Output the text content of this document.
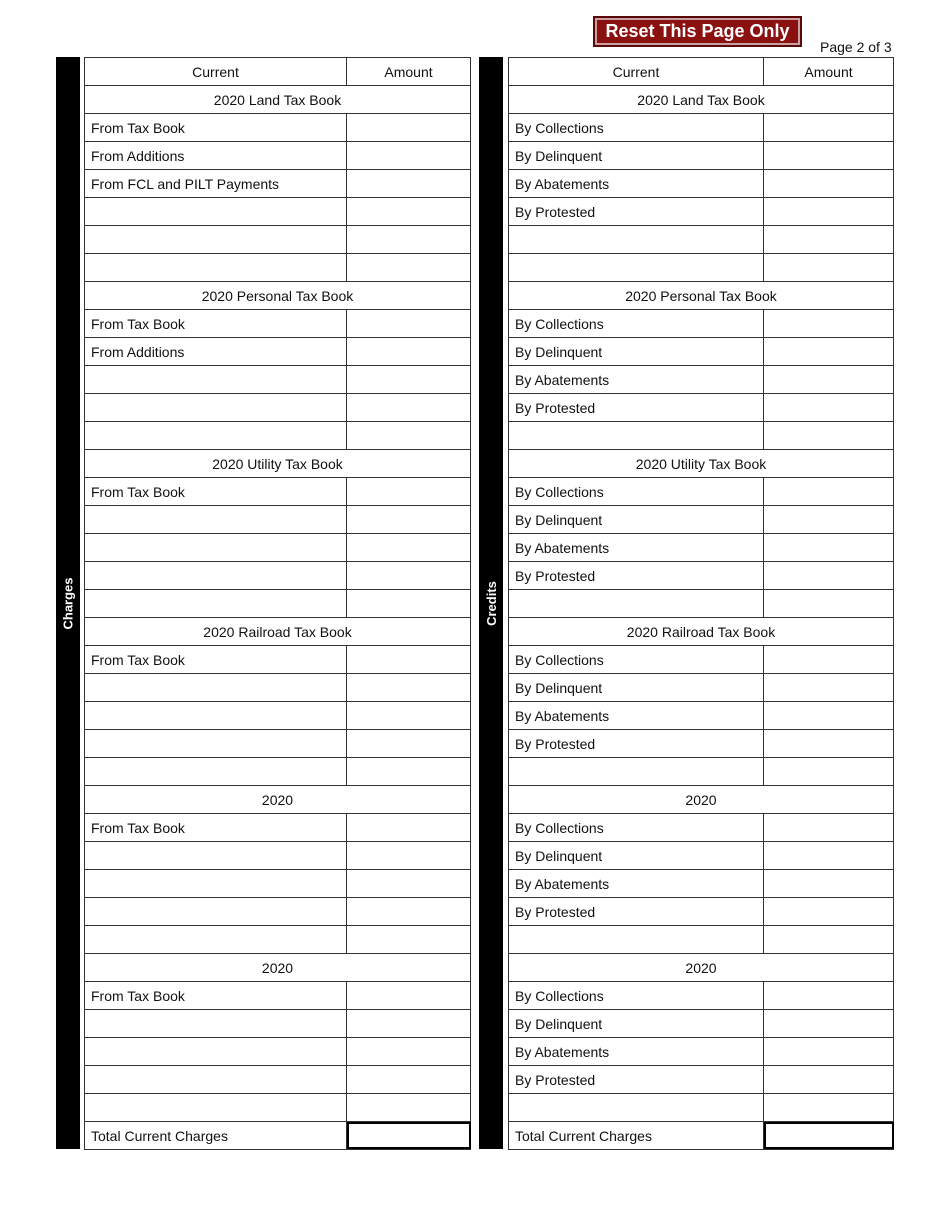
Reset This Page Only
Page 2 of 3
Charges
Current	Amount
2020 Land Tax Book
From Tax Book
From Additions
From FCL and PILT Payments
2020 Personal Tax Book
From Tax Book
From Additions
2020 Utility Tax Book
From Tax Book
2020 Railroad Tax Book
From Tax Book
2020
From Tax Book
2020
From Tax Book
Total Current Charges
Credits
Current	Amount
2020 Land Tax Book
By Collections
By Delinquent
By Abatements
By Protested
2020 Personal Tax Book
By Collections
By Delinquent
By Abatements
By Protested
2020 Utility Tax Book
By Collections
By Delinquent
By Abatements
By Protested
2020 Railroad Tax Book
By Collections
By Delinquent
By Abatements
By Protested
2020
By Collections
By Delinquent
By Abatements
By Protested
2020
By Collections
By Delinquent
By Abatements
By Protested
Total Current Charges
